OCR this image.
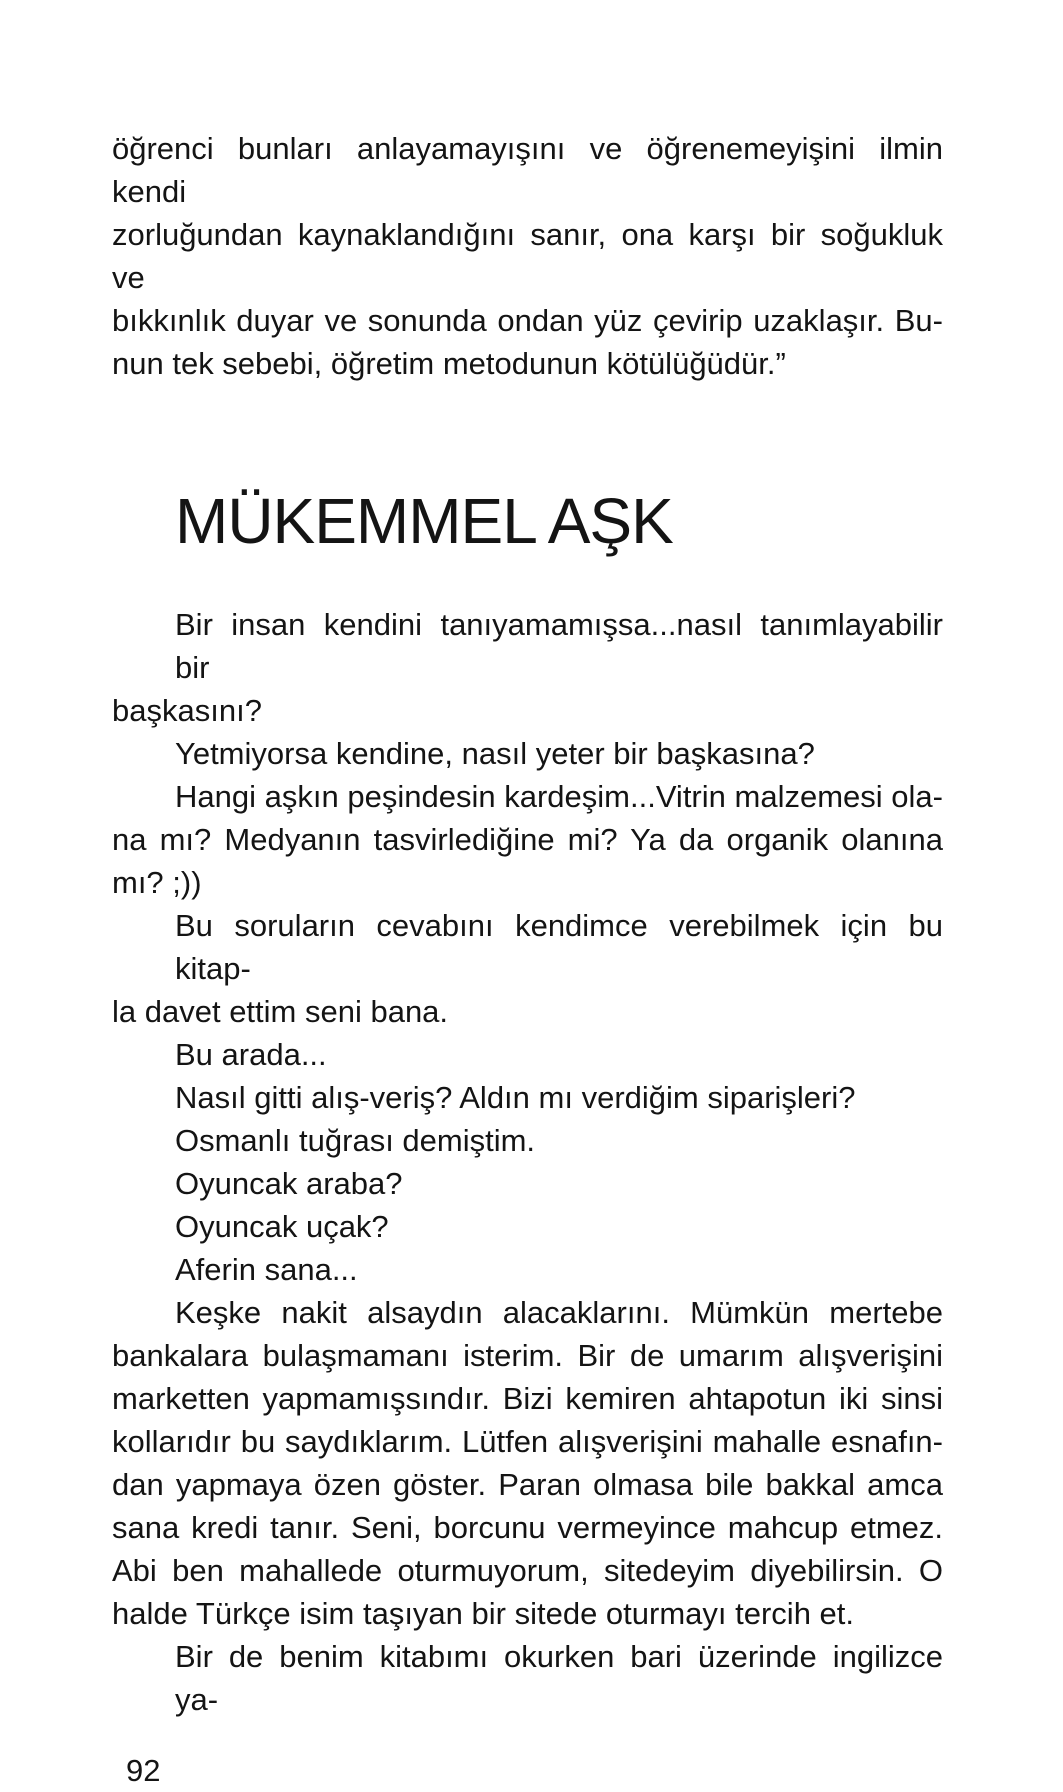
öğrenci bunları anlayamayışını ve öğrenemeyişini ilmin kendi
zorluğundan kaynaklandığını sanır, ona karşı bir soğukluk ve
bıkkınlık duyar ve sonunda ondan yüz çevirip uzaklaşır. Bu-
nun tek sebebi, öğretim metodunun kötülüğüdür.”
MÜKEMMEL AŞK
Bir insan kendini tanıyamamışsa...nasıl tanımlayabilir bir
başkasını?
Yetmiyorsa kendine, nasıl yeter bir başkasına?
Hangi aşkın peşindesin kardeşim...Vitrin malzemesi ola-
na mı? Medyanın tasvirlediğine mi? Ya da organik olanına
mı? ;))
Bu soruların cevabını kendimce verebilmek için bu kitap-
la davet ettim seni bana.
Bu arada...
Nasıl gitti alış-veriş? Aldın mı verdiğim siparişleri?
Osmanlı tuğrası demiştim.
Oyuncak araba?
Oyuncak uçak?
Aferin sana...
Keşke nakit alsaydın alacaklarını. Mümkün mertebe
bankalara bulaşmamanı isterim. Bir de umarım alışverişini
marketten yapmamışsındır. Bizi kemiren ahtapotun iki sinsi
kollarıdır bu saydıklarım. Lütfen alışverişini mahalle esnafın-
dan yapmaya özen göster. Paran olmasa bile bakkal amca
sana kredi tanır. Seni, borcunu vermeyince mahcup etmez.
Abi ben mahallede oturmuyorum, sitedeyim diyebilirsin. O
halde Türkçe isim taşıyan bir sitede oturmayı tercih et.
Bir de benim kitabımı okurken bari üzerinde ingilizce ya-
92
